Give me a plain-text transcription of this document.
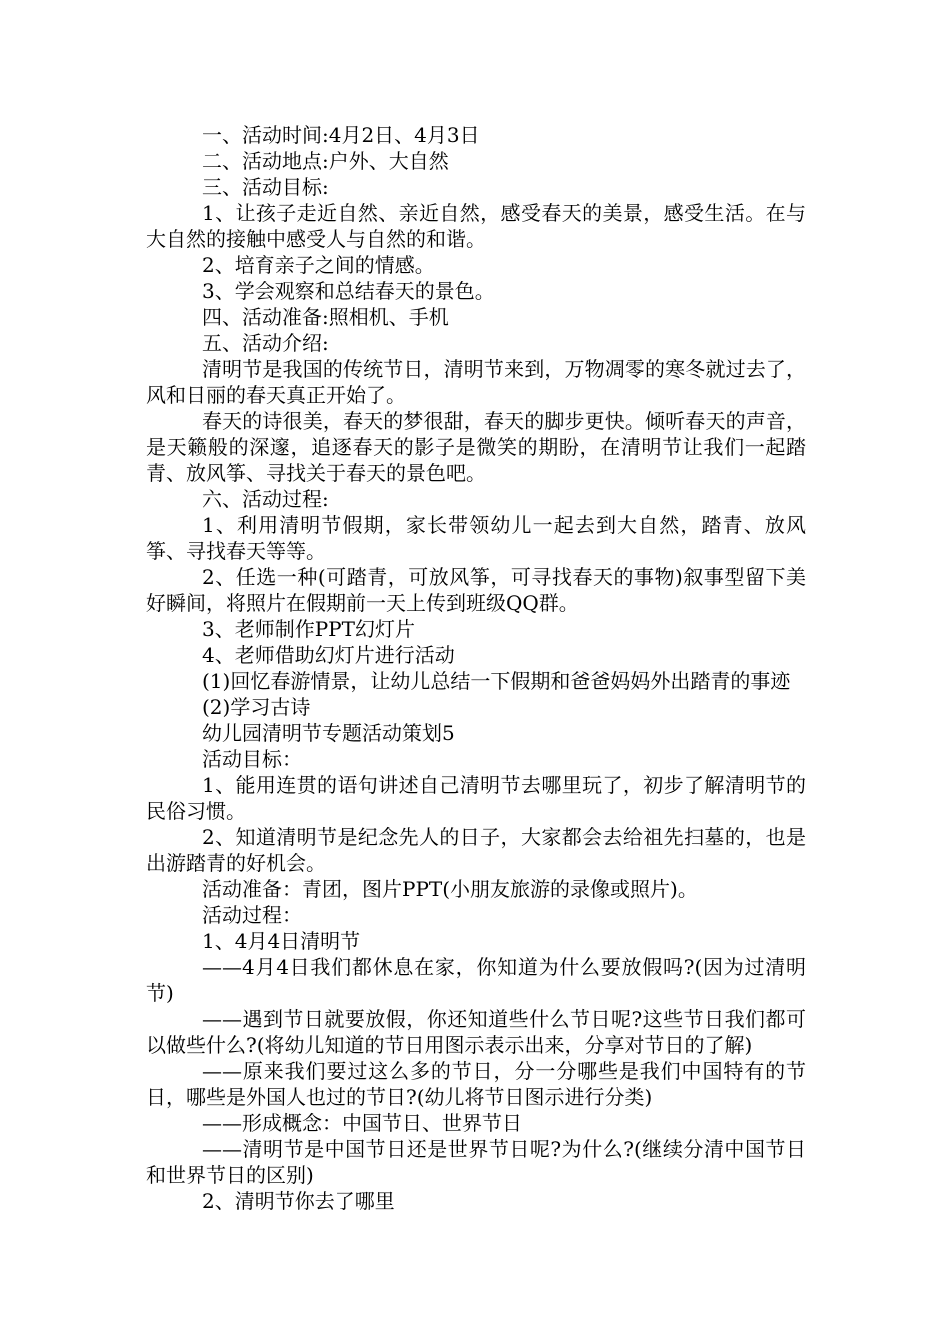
一、活动时间:4月2日、4月3日

二、活动地点:户外、大自然

三、活动目标:

1、让孩子走近自然、亲近自然，感受春天的美景，感受生活。在与大自然的接触中感受人与自然的和谐。

2、培育亲子之间的情感。

3、学会观察和总结春天的景色。

四、活动准备:照相机、手机

五、活动介绍:

清明节是我国的传统节日，清明节来到，万物凋零的寒冬就过去了，风和日丽的春天真正开始了。

春天的诗很美，春天的梦很甜，春天的脚步更快。倾听春天的声音，是天籁般的深邃，追逐春天的影子是微笑的期盼，在清明节让我们一起踏青、放风筝、寻找关于春天的景色吧。

六、活动过程:

1、利用清明节假期，家长带领幼儿一起去到大自然，踏青、放风筝、寻找春天等等。

2、任选一种(可踏青，可放风筝，可寻找春天的事物)叙事型留下美好瞬间，将照片在假期前一天上传到班级QQ群。

3、老师制作PPT幻灯片

4、老师借助幻灯片进行活动

(1)回忆春游情景，让幼儿总结一下假期和爸爸妈妈外出踏青的事迹

(2)学习古诗

幼儿园清明节专题活动策划5

活动目标：

1、能用连贯的语句讲述自己清明节去哪里玩了，初步了解清明节的民俗习惯。

2、知道清明节是纪念先人的日子，大家都会去给祖先扫墓的，也是出游踏青的好机会。

活动准备：青团，图片PPT(小朋友旅游的录像或照片)。

活动过程：

1、4月4日清明节

——4月4日我们都休息在家，你知道为什么要放假吗?(因为过清明节)

——遇到节日就要放假，你还知道些什么节日呢?这些节日我们都可以做些什么?(将幼儿知道的节日用图示表示出来，分享对节日的了解)

——原来我们要过这么多的节日，分一分哪些是我们中国特有的节日，哪些是外国人也过的节日?(幼儿将节日图示进行分类)

——形成概念：中国节日、世界节日

——清明节是中国节日还是世界节日呢?为什么?(继续分清中国节日和世界节日的区别)

2、清明节你去了哪里
